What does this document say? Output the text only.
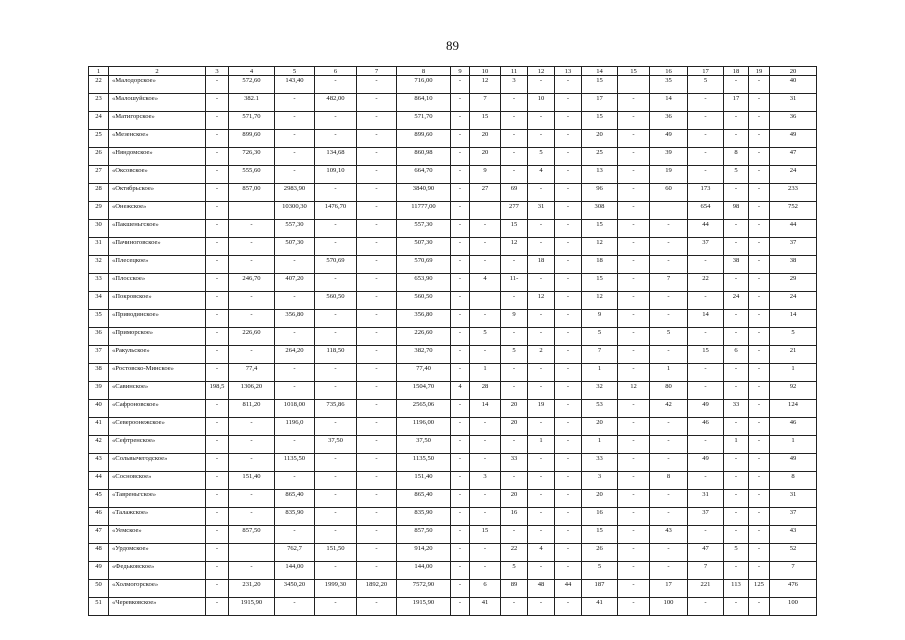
89
1	2	3	4	5	6	7	8	9	10	11	12	13	14	15	16	17	18	19	20
22	«Малодорское»	-	572,60	143,40	-	-	716,00	-	12	3	-	-	15		35	5	-	-	40
23	«Малошуйское»	-	382.1	-	482,00	-	864,10	-	7	-	10	-	17	-	14	-	17	-	31
24	«Матигорское»	-	571,70	-	-	-	571,70	-	15	-	-	-	15	-	36	-	-	-	36
25	«Мезенское»	-	899,60	-	-	-	899,60	-	20	-	-	-	20	-	49	-	-	-	49
26	«Няндомское»	-	726,30	-	134,68	-	860,98	-	20	-	5	-	25	-	39	-	8	-	47
27	«Оксовское»	-	555,60	-	109,10	-	664,70	-	9	-	4	-	13	-	19	-	5	-	24
28	«Октябрьское»	-	857,00	2983,90	-	-	3840,90	-	27	69	-	-	96	-	60	173	-	-	233
29	«Онежское»	-		10300,30	1476,70	-	11777,00	-		277	31	-	308	-		654	98	-	752
30	«Пакшеньгское»	-	-	557,30	-	-	557,30	-	-	15	-	-	15	-	-	44	-	-	44
31	«Пачиноговское»	-	-	507,30	-	-	507,30	-	-	12	-	-	12	-	-	37	-	-	37
32	«Плесецкое»	-	-	-	570,69	-	570,69	-	-	-	18	-	18	-	-	-	38	-	38
33	«Плосское»	-	246,70	407,20	-	-	653,90	-	4	11-	-	-	15	-	7	22	-	-	29
34	«Покровское»	-	-	-	560,50	-	560,50	-		-	12	-	12	-	-	-	24	-	24
35	«Приводинское»	-	-	356,80	-	-	356,80	-	-	9	-	-	9	-	-	14	-	-	14
36	«Приморское»	-	226,60	-	-	-	226,60	-	5	-	-	-	5	-	5	-	-	-	5
37	«Ракульское»	-	-	264,20	118,50	-	382,70	-	-	5	2	-	7	-	-	15	6	-	21
38	«Ростовско-Минское»	-	77,4	-	-	-	77,40	-	1	-	-	-	1	-	1	-	-	-	1
39	«Савинское»	198,5	1306,20	-	-	-	1504,70	4	28	-	-	-	32	12	80	-	-	-	92
40	«Сафроновское»	-	811,20	1018,00	735,86	-	2565,06	-	14	20	19	-	53	-	42	49	33	-	124
41	«Североонежское»	-	-	1196,0	-	-	1196,00	-	-	20	-	-	20	-	-	46	-	-	46
42	«Сефтренское»	-	-	-	37,50	-	37,50	-	-	-	1	-	1	-	-	-	1	-	1
43	«Сольвычегодское»	-	-	1135,50	-	-	1135,50	-	-	33	-	-	33	-	-	49	-	-	49
44	«Сосновское»	-	151,40	-	-	-	151,40	-	3	-	-	-	3	-	8	-	-	-	8
45	«Тавреньгское»	-	-	865,40	-	-	865,40	-	-	20	-	-	20	-	-	31	-	-	31
46	«Талажское»	-	-	835,90	-	-	835,90	-	-	16	-	-	16	-	-	37	-	-	37
47	«Уемское»	-	857,50	-	-	-	857,50	-	15	-	-	-	15	-	43	-	-	-	43
48	«Урдомское»	-		762,7	151,50	-	914,20	-	-	22	4	-	26	-	-	47	5	-	52
49	«Федьковское»	-	-	144,00	-	-	144,00	-	-	5	-	-	5	-	-	7	-	-	7
50	«Холмогорское»	-	231,20	3450,20	1999,30	1892,20	7572,90	-	6	89	48	44	187	-	17	221	113	125	476
51	«Черевковское»	-	1915,90	-	-	-	1915,90	-	41	-	-	-	41	-	100	-	-	-	100
